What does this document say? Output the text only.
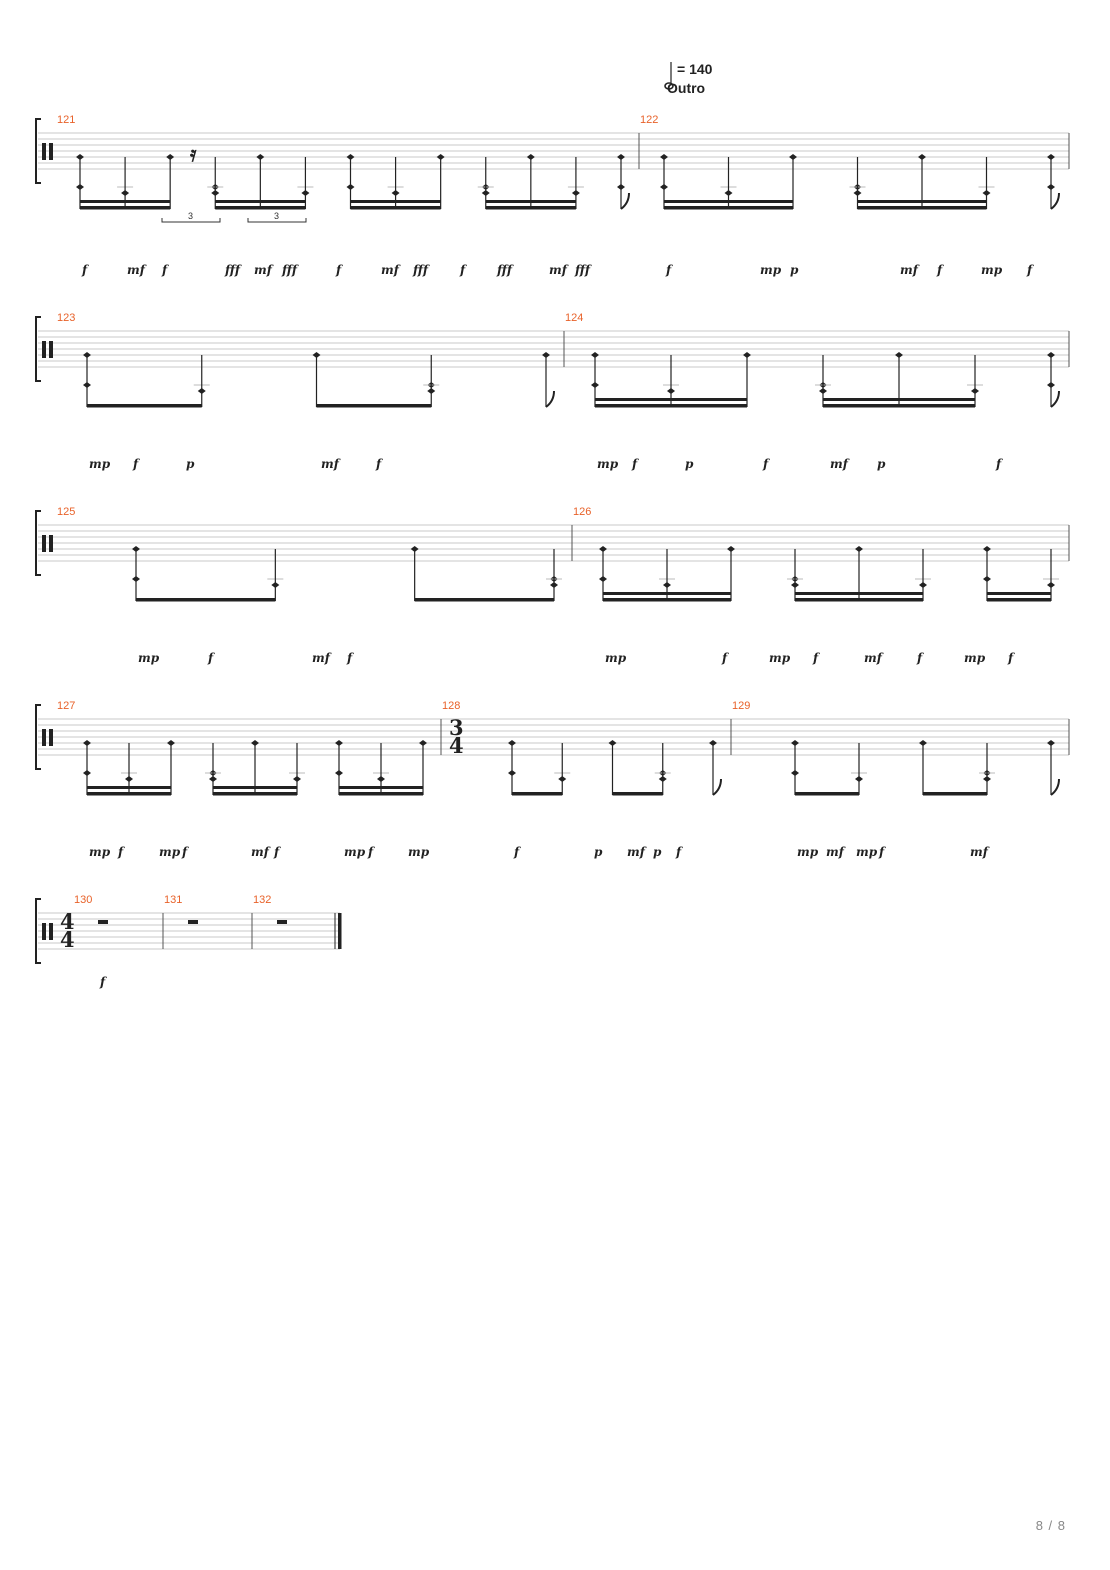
= 140
Outro
121
3	3
𝄿
122
f	mf f	fff mf fff	f	mf fff	f	fff	mf fff	f	mp p	mf f	mp f
123	124
mp f	p	mf	f	mp f	p	f	mf p	f
125	126
mp	f	mf f	mp	f	mp f	mf	f	mp f
127	128
3
4
129
mp f	mp f	mf f	mp f	mp	f	p mf p f	mp mf mp f	mf
130
4
4
131	132
f
8 / 8
